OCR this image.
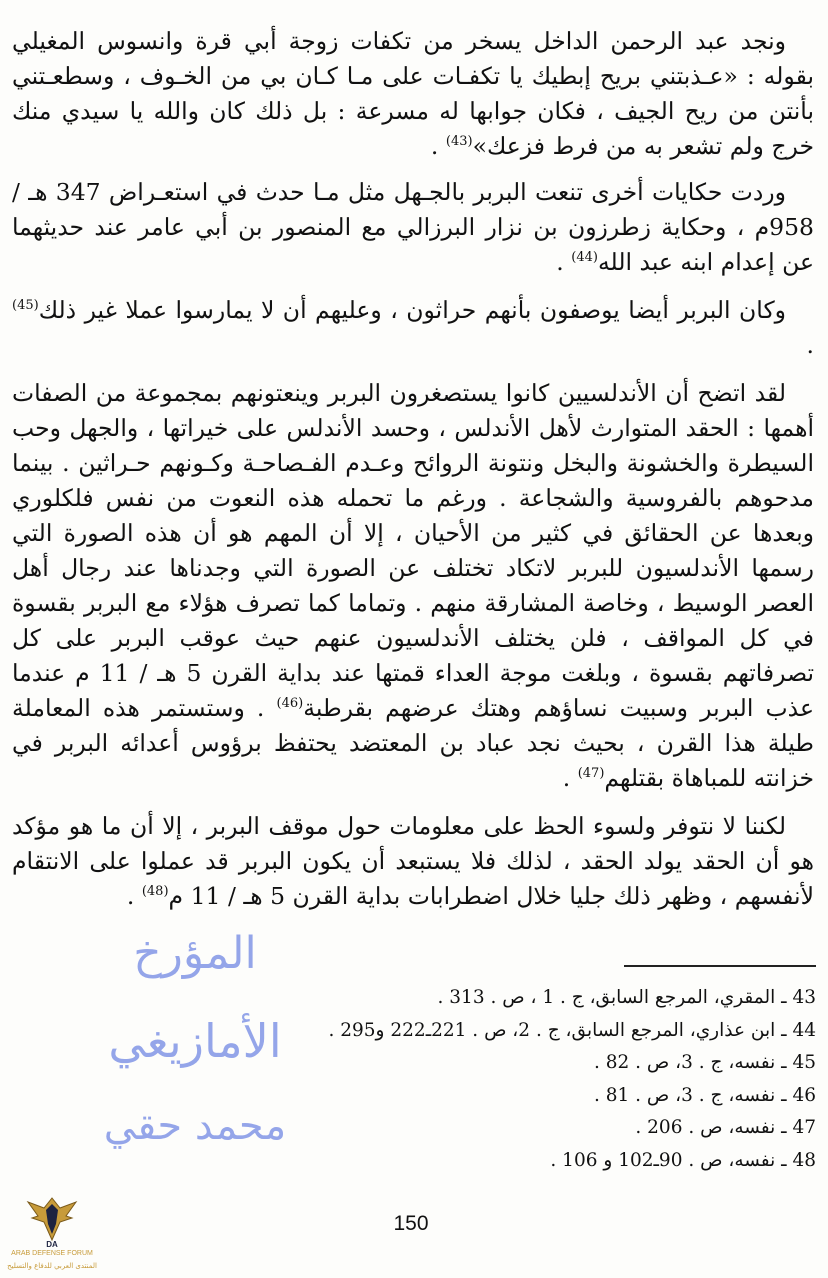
ونجد عبد الرحمن الداخل يسخر من تكفات زوجة أبي قرة وانسوس المغيلي بقوله : «عـذبتني بريح إبطيك يا تكفـات على مـا كـان بي من الخـوف ، وسطعـتني بأنتن من ريح الجيف ، فكان جوابها له مسرعة : بل ذلك كان والله يا سيدي منك خرج ولم تشعر به من فرط فزعك»$^{(43)}$ .

وردت حكايات أخرى تنعت البربر بالجـهل مثل مـا حدث في استعـراض 347 هـ / 958م ، وحكاية زطرزون بن نزار البرزالي مع المنصور بن أبي عامر عند حديثهما عن إعدام ابنه عبد الله$^{(44)}$ .

وكان البربر أيضا يوصفون بأنهم حراثون ، وعليهم أن لا يمارسوا عملا غير ذلك$^{(45)}$ .

لقد اتضح أن الأندلسيين كانوا يستصغرون البربر وينعتونهم بمجموعة من الصفات أهمها : الحقد المتوارث لأهل الأندلس ، وحسد الأندلس على خيراتها ، والجهل وحب السيطرة والخشونة والبخل ونتونة الروائح وعـدم الفـصاحـة وكـونهم حـراثين . بينما مدحوهم بالفروسية والشجاعة . ورغم ما تحمله هذه النعوت من نفس فلكلوري وبعدها عن الحقائق في كثير من الأحيان ، إلا أن المهم هو أن هذه الصورة التي رسمها الأندلسيون للبربر لاتكاد تختلف عن الصورة التي وجدناها عند رجال أهل العصر الوسيط ، وخاصة المشارقة منهم . وتماما كما تصرف هؤلاء مع البربر بقسوة في كل المواقف ، فلن يختلف الأندلسيون عنهم حيث عوقب البربر على كل تصرفاتهم بقسوة ، وبلغت موجة العداء قمتها عند بداية القرن 5 هـ / 11 م عندما عذب البربر وسبيت نساؤهم وهتك عرضهم بقرطبة$^{(46)}$ . وستستمر هذه المعاملة طيلة هذا القرن ، بحيث نجد عباد بن المعتضد يحتفظ برؤوس أعدائه البربر في خزانته للمباهاة بقتلهم$^{(47)}$ .

لكننا لا نتوفر ولسوء الحظ على معلومات حول موقف البربر ، إلا أن ما هو مؤكد هو أن الحقد يولد الحقد ، لذلك فلا يستبعد أن يكون البربر قد عملوا على الانتقام لأنفسهم ، وظهر ذلك جليا خلال اضطرابات بداية القرن 5 هـ / 11 م$^{(48)}$ .

المؤرخ
الأمازيغي
محمد حقي
43 ـ المقري، المرجع السابق، ج . 1 ، ص . 313 .
44 ـ ابن عذاري، المرجع السابق، ج . 2، ص . 221ـ222 و295 .
45 ـ نفسه، ج . 3، ص . 82 .
46 ـ نفسه، ج . 3، ص . 81 .
47 ـ نفسه، ص . 206 .
48 ـ نفسه، ص . 90ـ102 و 106 .
150
DA
ARAB DEFENSE FORUM
المنتدى العربي للدفاع والتسليح
